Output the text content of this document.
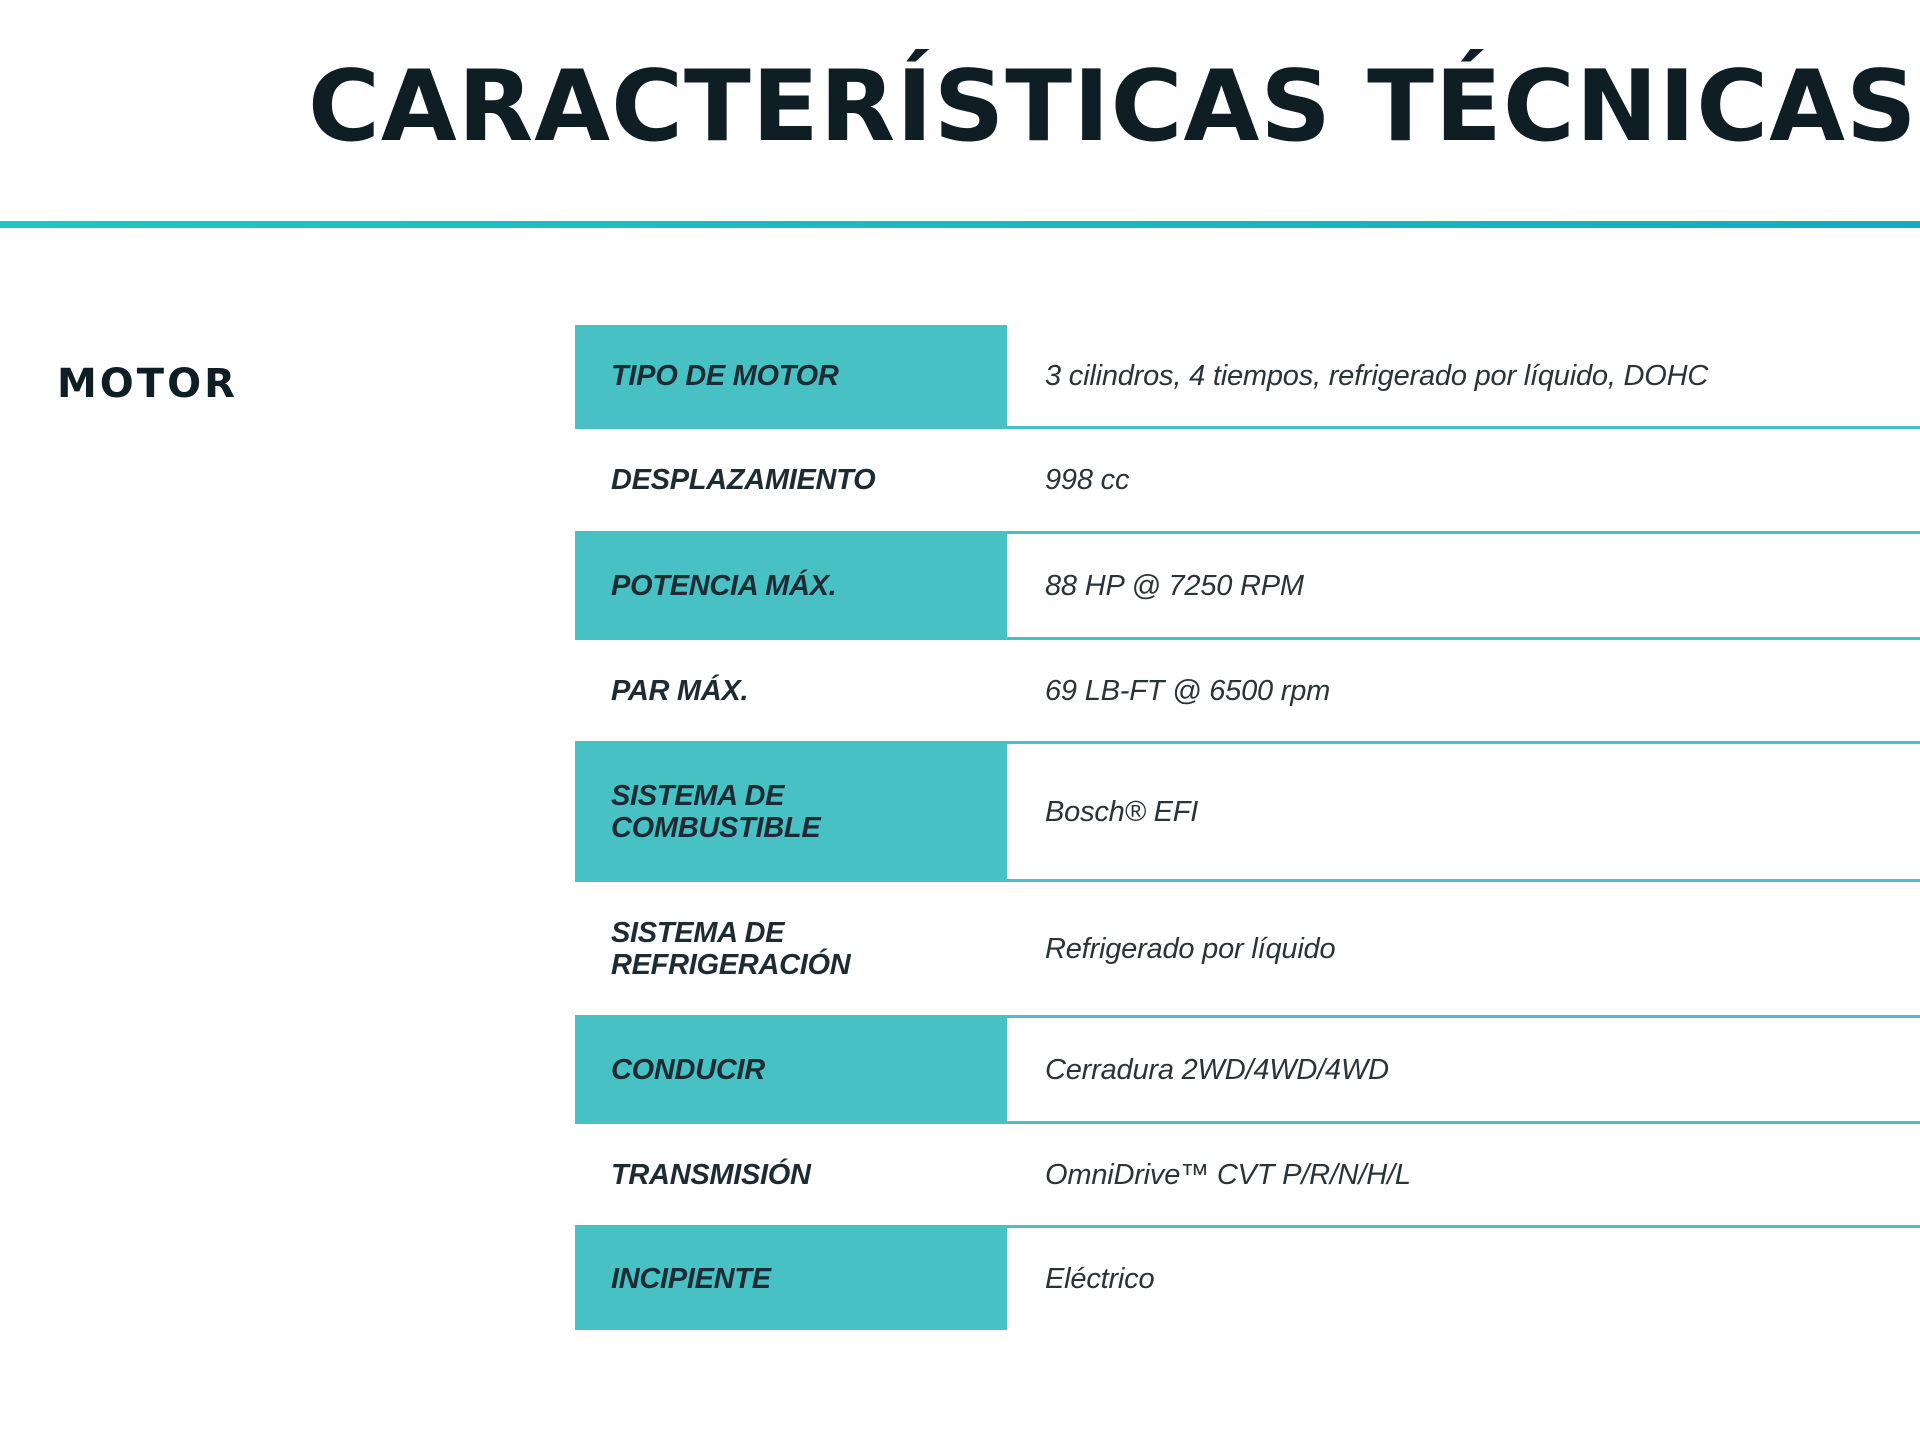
CARACTERÍSTICAS TÉCNICAS
MOTOR	TIPO DE MOTOR	3 cilindros, 4 tiempos, refrigerado por líquido, DOHC
DESPLAZAMIENTO	998 cc
POTENCIA MÁX.	88 HP @ 7250 RPM
PAR MÁX.	69 LB-FT @ 6500 rpm
SISTEMA DE
COMBUSTIBLE	Bosch® EFI
SISTEMA DE
REFRIGERACIÓN	Refrigerado por líquido
CONDUCIR	Cerradura 2WD/4WD/4WD
TRANSMISIÓN	OmniDrive™ CVT P/R/N/H/L
INCIPIENTE	Eléctrico
